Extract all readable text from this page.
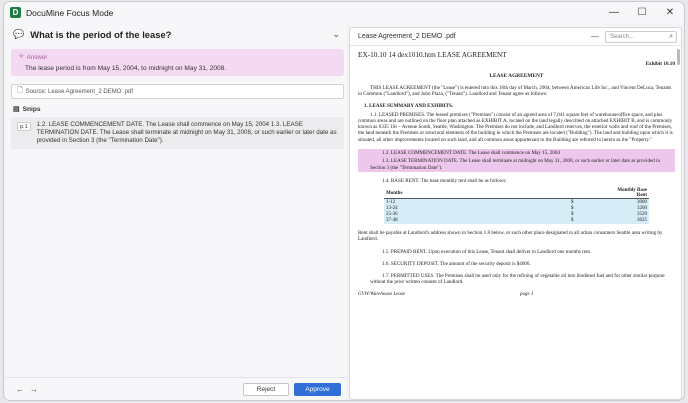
D DocuMine Focus Mode	—	☐	✕
💬 What is the period of the lease?	⌄
⟡ Answer
The lease period is from May 15, 2004, to midnight on May 31, 2008.
🗋 Source: Lease Agreement_2 DEMO .pdf
▤ Snips
p.1	1.2. LEASE COMMENCEMENT DATE. The Lease shall commence on May 15, 2004 1.3. LEASE TERMINATION DATE. The Lease shall terminate at midnight on May 31, 2008, or such earlier or later date as provided in Section 3 (the "Termination Date").
← →	Reject	Approve
Lease Agreement_2 DEMO .pdf	— Search...	⌕
EX-10.10 14 dex1010.htm LEASE AGREEMENT
Exhibit 10.10
LEASE AGREEMENT
THIS LEASE AGREEMENT (the "Lease") is entered into this 16th day of March, 2004, between American Life Inc., and Vincent DeLuca, Tenants in Common ("Landlord"), and John Plaza, ("Tenant"). Landlord and Tenant agree as follows:
1. LEASE SUMMARY AND EXHIBITS.
1.1. LEASED PREMISES. The leased premises ("Premises") consist of an agreed area of 7,041 square feet of warehouse/office space, and plus common areas and are outlined on the floor plan attached as EXHIBIT A, located on the land legally described on attached EXHIBIT B, and is commonly known as 6335 1St – Avenue South, Seattle, Washington. The Premises do not include, and Landlord reserves, the exterior walls and roof of the Premises, the land beneath the Premises or structural elements of the building in which the Premises are located ("Building"). The land and building upon which it is situated, all other improvements located on such land, and all common areas appurtenant to the Building are referred to herein as the "Property."
1.2. LEASE COMMENCEMENT DATE. The Lease shall commence on May 15, 2004
1.3. LEASE TERMINATION DATE. The Lease shall terminate at midnight on May 31, 2008, or such earlier or later date as provided in Section 3 (the "Termination Date").
1.4. BASE RENT. The base monthly rent shall be as follows:
Months		Monthly Base Rent
1-12	$	3000
13-24	$	3260
25-36	$	3520
37-48	$	3625
Rent shall be payable at Landlord's address shown in Section 1.8 below, or such other place designated in all urban consumers Seattle area writing by Landlord.
1.5. PREPAID RENT. Upon execution of this Lease, Tenant shall deliver to Landlord one months rent.
1.6. SECURITY DEPOSIT. The amount of the security deposit is $4000.
1.7. PERMITTED USES. The Premises shall be used only for the refining of vegetable oil into biodiesel fuel and for other similar purpose without the prior written consent of Landlord.
GVW/Warehouse Lease	page 1
